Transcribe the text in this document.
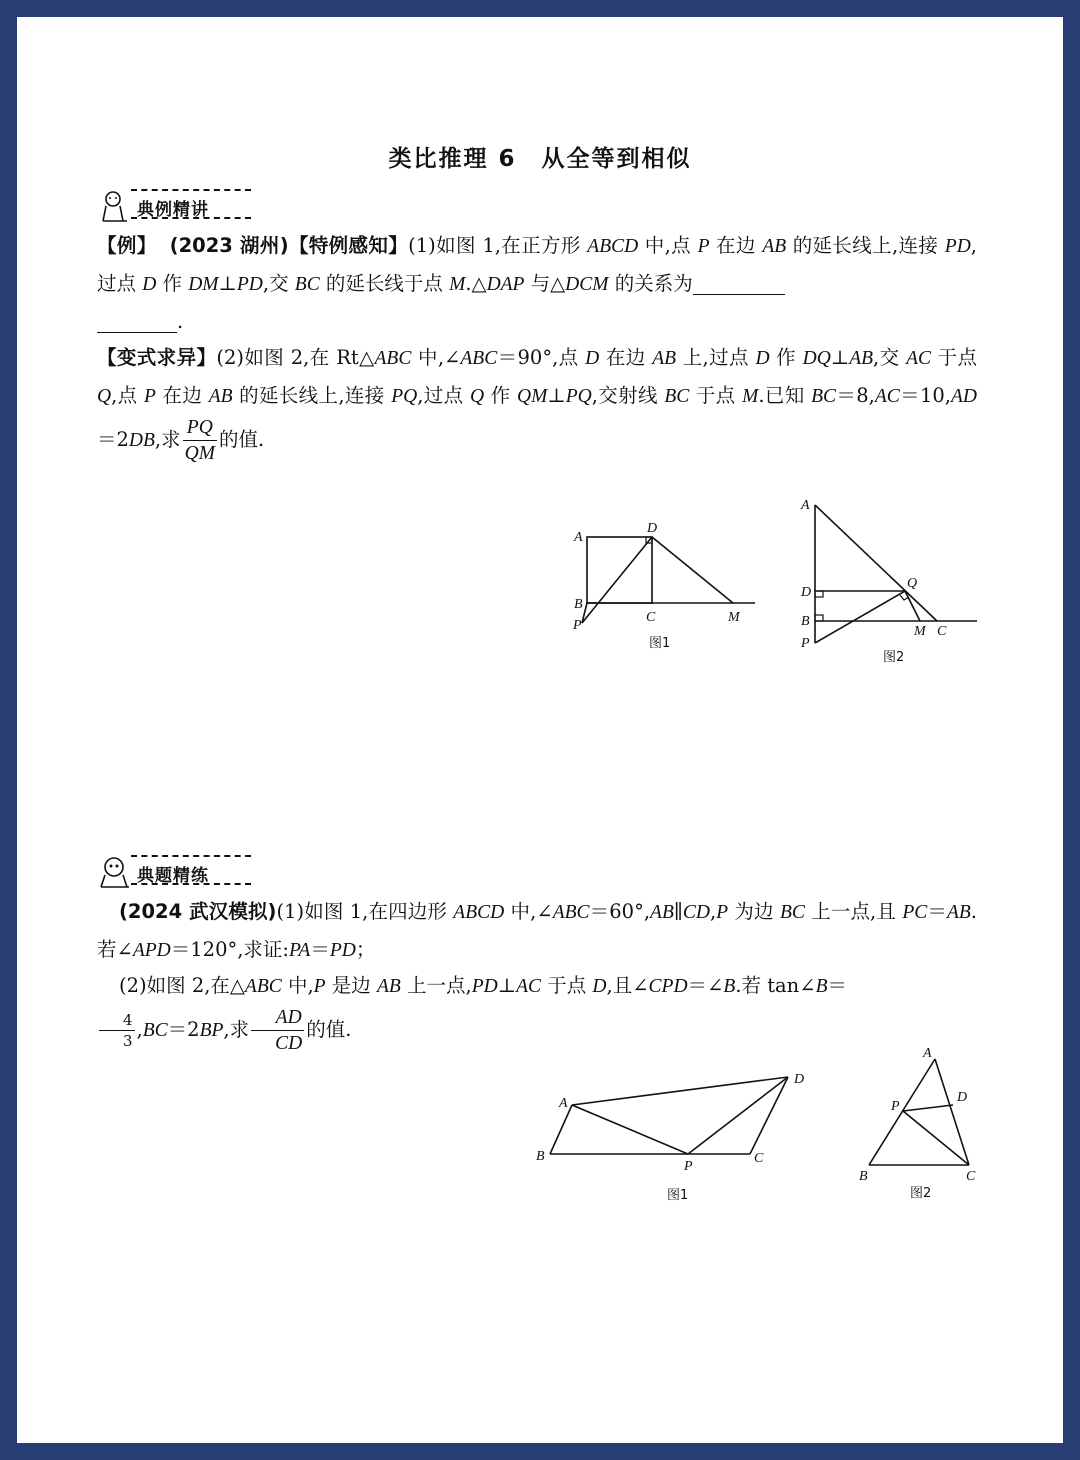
类比推理 6　从全等到相似
典例精讲
【例】 (2023 湖州)【特例感知】(1)如图 1,在正方形 ABCD 中,点 P 在边 AB 的延长线上,连接 PD,过点 D 作 DM⊥PD,交 BC 的延长线于点 M.△DAP 与△DCM 的关系为
.
【变式求异】(2)如图 2,在 Rt△ABC 中,∠ABC＝90°,点 D 在边 AB 上,过点 D 作 DQ⊥AB,交 AC 于点 Q,点 P 在边 AB 的延长线上,连接 PQ,过点 Q 作 QM⊥PQ,交射线 BC 于点 M.已知 BC＝8,AC＝10,AD＝2DB,求 $\frac{PQ}{QM}$ 的值.
A
D
B
P
C	M
图1
A
Q
D
B
P
M C
图2
典题精练
(2024 武汉模拟)(1)如图 1,在四边形 ABCD 中,∠ABC＝60°,AB∥CD,P 为边 BC 上一点,且 PC＝AB.若∠APD＝120°,求证:PA＝PD；
(2)如图 2,在△ABC 中,P 是边 AB 上一点,PD⊥AC 于点 D,且∠CPD＝∠B.若 tan∠B＝

$\frac{4}{3} ,BC=2BP$,求 $\frac{AD}{CD}$ 的值.
A
D
B
P
C
图1
A
D
P
B	C
图2
